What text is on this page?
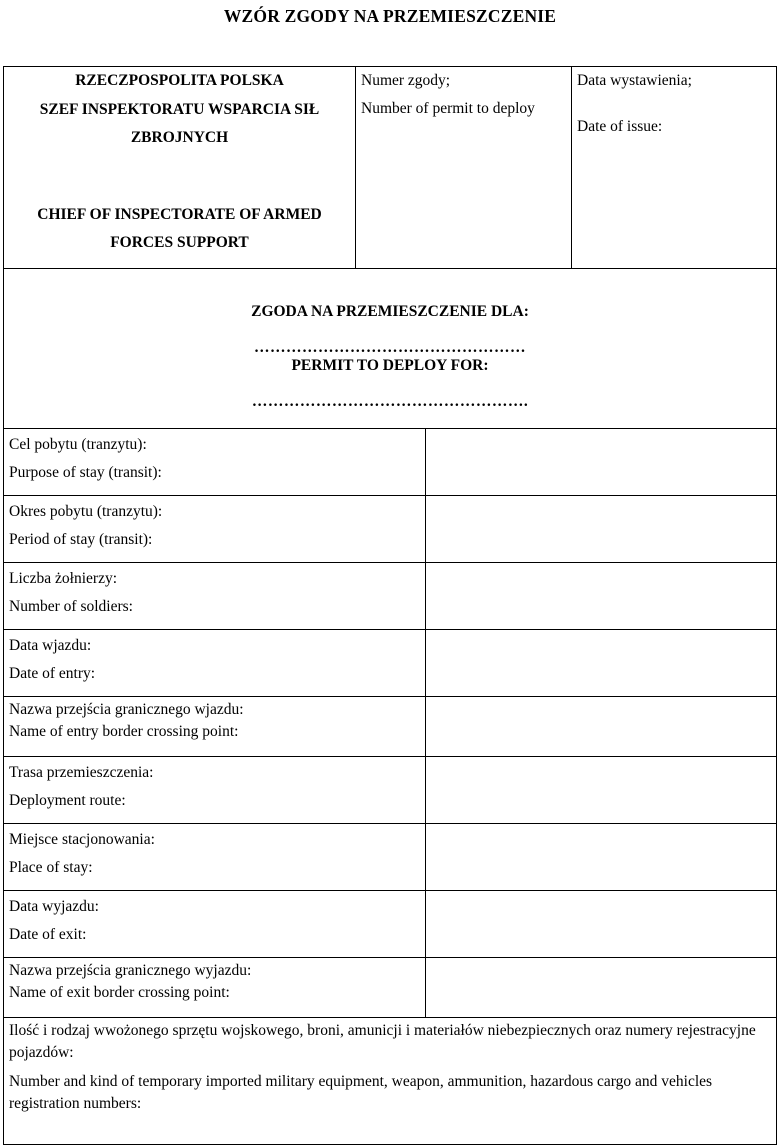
WZÓR ZGODY NA PRZEMIESZCZENIE
RZECZPOSPOLITA POLSKA
SZEF INSPEKTORATU WSPARCIA SIŁ
ZBROJNYCH
CHIEF OF INSPECTORATE OF ARMED
FORCES SUPPORT
Numer zgody;
Number of permit to deploy
Data wystawienia;
Date of issue:
ZGODA NA PRZEMIESZCZENIE DLA:
……………………………………………
PERMIT TO DEPLOY FOR:
…………………………………………….
Cel pobytu (tranzytu):
Purpose of stay (transit):
Okres pobytu (tranzytu):
Period of stay (transit):
Liczba żołnierzy:
Number of soldiers:
Data wjazdu:
Date of entry:
Nazwa przejścia granicznego wjazdu:
Name of entry border crossing point:
Trasa przemieszczenia:
Deployment route:
Miejsce stacjonowania:
Place of stay:
Data wyjazdu:
Date of exit:
Nazwa przejścia granicznego wyjazdu:
Name of exit border crossing point:
Ilość i rodzaj wwożonego sprzętu wojskowego, broni, amunicji i materiałów niebezpiecznych oraz numery rejestracyjne pojazdów:
Number and kind of temporary imported military equipment, weapon, ammunition, hazardous cargo and vehicles registration numbers:
